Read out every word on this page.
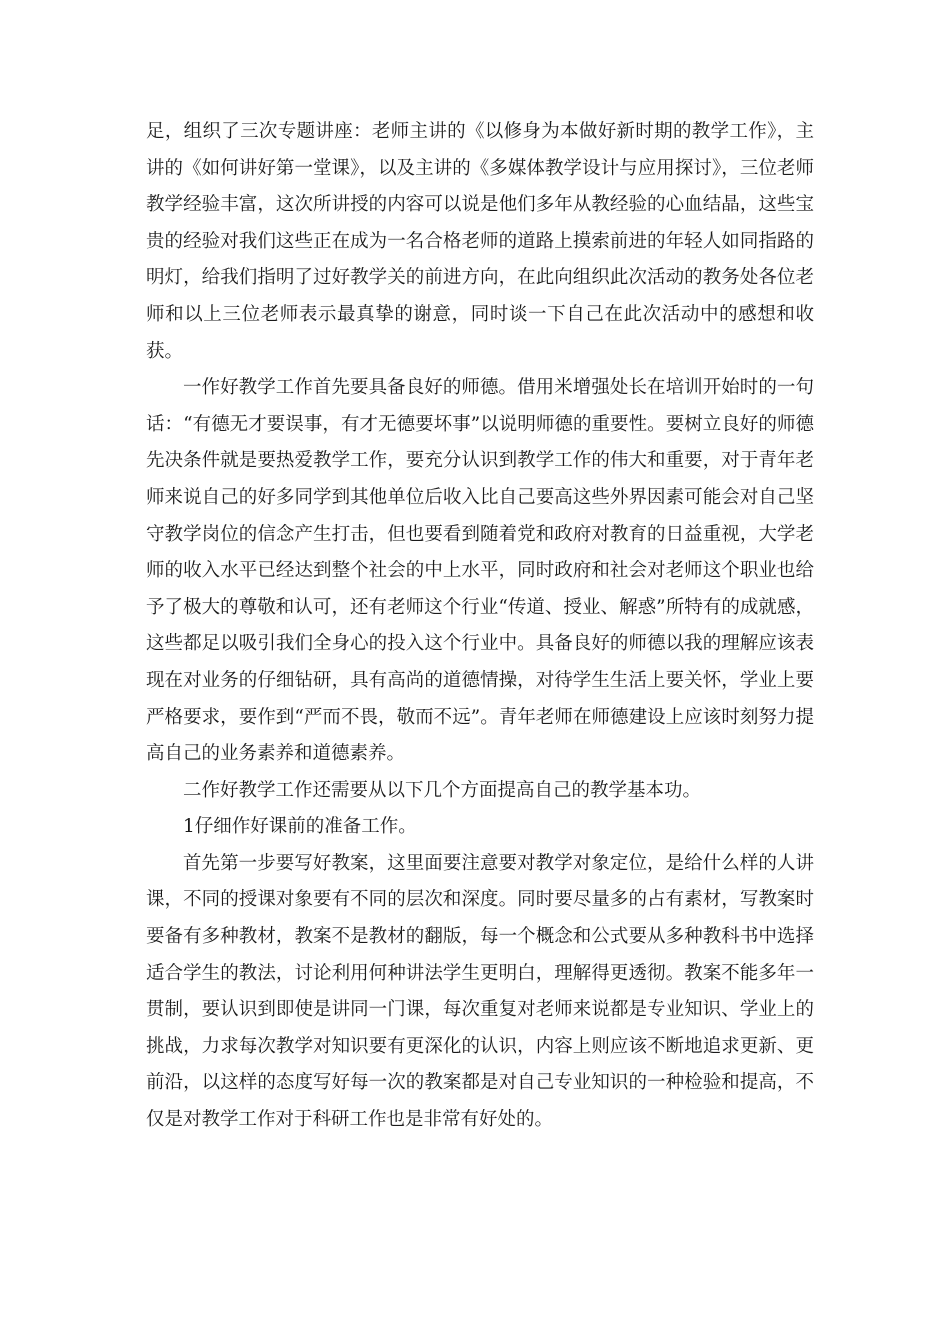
足，组织了三次专题讲座：老师主讲的《以修身为本做好新时期的教学工作》，主讲的《如何讲好第一堂课》，以及主讲的《多媒体教学设计与应用探讨》，三位老师教学经验丰富，这次所讲授的内容可以说是他们多年从教经验的心血结晶，这些宝贵的经验对我们这些正在成为一名合格老师的道路上摸索前进的年轻人如同指路的明灯，给我们指明了过好教学关的前进方向，在此向组织此次活动的教务处各位老师和以上三位老师表示最真挚的谢意，同时谈一下自己在此次活动中的感想和收获。

一作好教学工作首先要具备良好的师德。借用米增强处长在培训开始时的一句话：“有德无才要误事，有才无德要坏事”以说明师德的重要性。要树立良好的师德先决条件就是要热爱教学工作，要充分认识到教学工作的伟大和重要，对于青年老师来说自己的好多同学到其他单位后收入比自己要高这些外界因素可能会对自己坚守教学岗位的信念产生打击，但也要看到随着党和政府对教育的日益重视，大学老师的收入水平已经达到整个社会的中上水平，同时政府和社会对老师这个职业也给予了极大的尊敬和认可，还有老师这个行业“传道、授业、解惑”所特有的成就感，这些都足以吸引我们全身心的投入这个行业中。具备良好的师德以我的理解应该表现在对业务的仔细钻研，具有高尚的道德情操，对待学生生活上要关怀，学业上要严格要求，要作到“严而不畏，敬而不远”。青年老师在师德建设上应该时刻努力提高自己的业务素养和道德素养。

二作好教学工作还需要从以下几个方面提高自己的教学基本功。

1仔细作好课前的准备工作。

首先第一步要写好教案，这里面要注意要对教学对象定位，是给什么样的人讲课，不同的授课对象要有不同的层次和深度。同时要尽量多的占有素材，写教案时要备有多种教材，教案不是教材的翻版，每一个概念和公式要从多种教科书中选择适合学生的教法，讨论利用何种讲法学生更明白，理解得更透彻。教案不能多年一贯制，要认识到即使是讲同一门课，每次重复对老师来说都是专业知识、学业上的挑战，力求每次教学对知识要有更深化的认识，内容上则应该不断地追求更新、更前沿，以这样的态度写好每一次的教案都是对自己专业知识的一种检验和提高，不仅是对教学工作对于科研工作也是非常有好处的。
